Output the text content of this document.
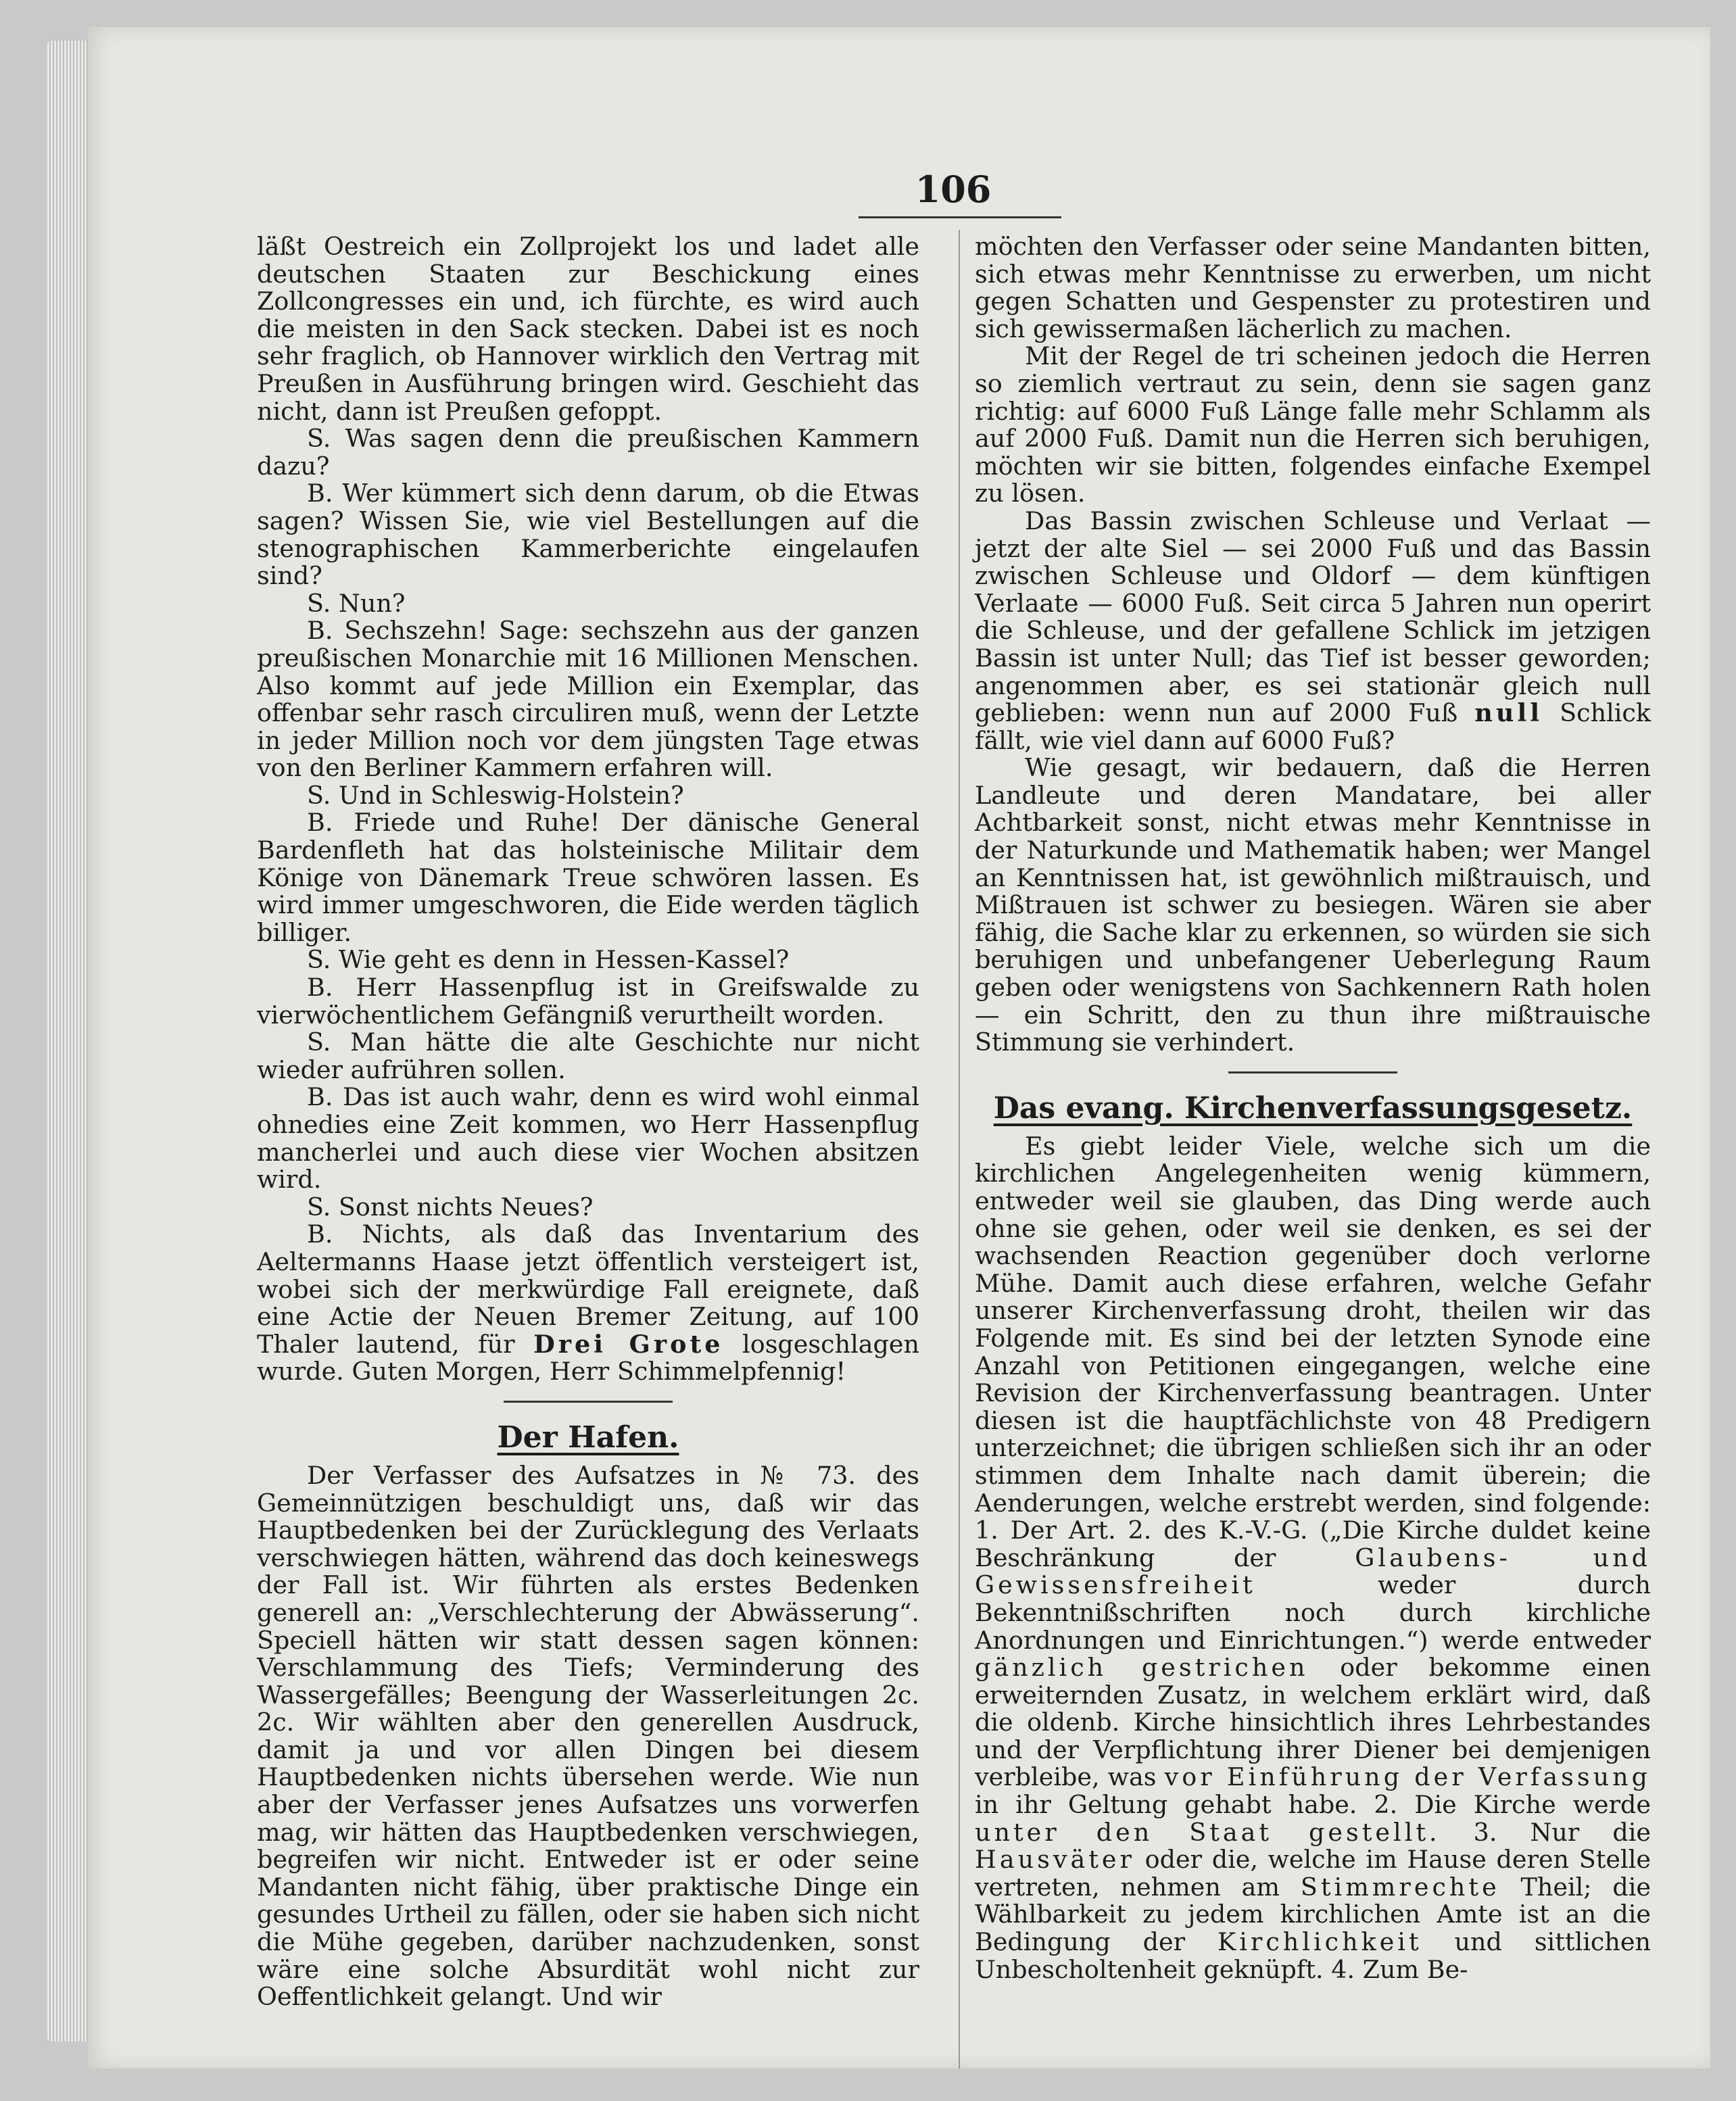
106

läßt Oestreich ein Zollprojekt los und ladet alle deutschen Staaten zur Beschickung eines Zollcongresses ein und, ich fürchte, es wird auch die meisten in den Sack stecken. Dabei ist es noch sehr fraglich, ob Hannover wirklich den Vertrag mit Preußen in Ausführung bringen wird. Geschieht das nicht, dann ist Preußen gefoppt.

S. Was sagen denn die preußischen Kammern dazu?

B. Wer kümmert sich denn darum, ob die Etwas sagen? Wissen Sie, wie viel Bestellungen auf die stenographischen Kammerberichte eingelaufen sind?

S. Nun?

B. Sechszehn! Sage: sechszehn aus der ganzen preußischen Monarchie mit 16 Millionen Menschen. Also kommt auf jede Million ein Exemplar, das offenbar sehr rasch circuliren muß, wenn der Letzte in jeder Million noch vor dem jüngsten Tage etwas von den Berliner Kammern erfahren will.

S. Und in Schleswig-Holstein?

B. Friede und Ruhe! Der dänische General Bardenfleth hat das holsteinische Militair dem Könige von Dänemark Treue schwören lassen. Es wird immer umgeschworen, die Eide werden täglich billiger.

S. Wie geht es denn in Hessen-Kassel?

B. Herr Hassenpflug ist in Greifswalde zu vierwöchentlichem Gefängniß verurtheilt worden.

S. Man hätte die alte Geschichte nur nicht wieder aufrühren sollen.

B. Das ist auch wahr, denn es wird wohl einmal ohnedies eine Zeit kommen, wo Herr Hassenpflug mancherlei und auch diese vier Wochen absitzen wird.

S. Sonst nichts Neues?

B. Nichts, als daß das Inventarium des Aeltermanns Haase jetzt öffentlich versteigert ist, wobei sich der merkwürdige Fall ereignete, daß eine Actie der Neuen Bremer Zeitung, auf 100 Thaler lautend, für Drei Grote losgeschlagen wurde. Guten Morgen, Herr Schimmelpfennig!

Der Hafen.

Der Verfasser des Aufsatzes in № 73. des Gemeinnützigen beschuldigt uns, daß wir das Hauptbedenken bei der Zurücklegung des Verlaats verschwiegen hätten, während das doch keineswegs der Fall ist. Wir führten als erstes Bedenken generell an: „Verschlechterung der Abwässerung“. Speciell hätten wir statt dessen sagen können: Verschlammung des Tiefs; Verminderung des Wassergefälles; Beengung der Wasserleitungen 2c. 2c. Wir wählten aber den generellen Ausdruck, damit ja und vor allen Dingen bei diesem Hauptbedenken nichts übersehen werde. Wie nun aber der Verfasser jenes Aufsatzes uns vorwerfen mag, wir hätten das Hauptbedenken verschwiegen, begreifen wir nicht. Entweder ist er oder seine Mandanten nicht fähig, über praktische Dinge ein gesundes Urtheil zu fällen, oder sie haben sich nicht die Mühe gegeben, darüber nachzudenken, sonst wäre eine solche Absurdität wohl nicht zur Oeffentlichkeit gelangt. Und wir

möchten den Verfasser oder seine Mandanten bitten, sich etwas mehr Kenntnisse zu erwerben, um nicht gegen Schatten und Gespenster zu protestiren und sich gewissermaßen lächerlich zu machen.

Mit der Regel de tri scheinen jedoch die Herren so ziemlich vertraut zu sein, denn sie sagen ganz richtig: auf 6000 Fuß Länge falle mehr Schlamm als auf 2000 Fuß. Damit nun die Herren sich beruhigen, möchten wir sie bitten, folgendes einfache Exempel zu lösen.

Das Bassin zwischen Schleuse und Verlaat — jetzt der alte Siel — sei 2000 Fuß und das Bassin zwischen Schleuse und Oldorf — dem künftigen Verlaate — 6000 Fuß. Seit circa 5 Jahren nun operirt die Schleuse, und der gefallene Schlick im jetzigen Bassin ist unter Null; das Tief ist besser geworden; angenommen aber, es sei stationär gleich null geblieben: wenn nun auf 2000 Fuß null Schlick fällt, wie viel dann auf 6000 Fuß?

Wie gesagt, wir bedauern, daß die Herren Landleute und deren Mandatare, bei aller Achtbarkeit sonst, nicht etwas mehr Kenntnisse in der Naturkunde und Mathematik haben; wer Mangel an Kenntnissen hat, ist gewöhnlich mißtrauisch, und Mißtrauen ist schwer zu besiegen. Wären sie aber fähig, die Sache klar zu erkennen, so würden sie sich beruhigen und unbefangener Ueberlegung Raum geben oder wenigstens von Sachkennern Rath holen — ein Schritt, den zu thun ihre mißtrauische Stimmung sie verhindert.

Das evang. Kirchenverfassungsgesetz.

Es giebt leider Viele, welche sich um die kirchlichen Angelegenheiten wenig kümmern, entweder weil sie glauben, das Ding werde auch ohne sie gehen, oder weil sie denken, es sei der wachsenden Reaction gegenüber doch verlorne Mühe. Damit auch diese erfahren, welche Gefahr unserer Kirchenverfassung droht, theilen wir das Folgende mit. Es sind bei der letzten Synode eine Anzahl von Petitionen eingegangen, welche eine Revision der Kirchenverfassung beantragen. Unter diesen ist die hauptfächlichste von 48 Predigern unterzeichnet; die übrigen schließen sich ihr an oder stimmen dem Inhalte nach damit überein; die Aenderungen, welche erstrebt werden, sind folgende: 1. Der Art. 2. des K.-V.-G. („Die Kirche duldet keine Beschränkung der	Glaubens- und Gewissensfreiheit	weder durch Bekenntnißschriften noch durch kirchliche Anordnungen und Einrichtungen.“) werde entweder gänzlich gestrichen oder bekomme einen erweiternden Zusatz, in welchem erklärt wird, daß die oldenb. Kirche hinsichtlich ihres Lehrbestandes und der Verpflichtung ihrer Diener bei demjenigen verbleibe, was vor Einführung der Verfassung in ihr Geltung gehabt habe. 2. Die Kirche werde unter den Staat gestellt. 3. Nur die Hausväter oder die, welche im Hause deren Stelle vertreten, nehmen am Stimmrechte Theil; die Wählbarkeit zu jedem kirchlichen Amte ist an die Bedingung der Kirchlichkeit und sittlichen Unbescholtenheit geknüpft. 4. Zum Be-
